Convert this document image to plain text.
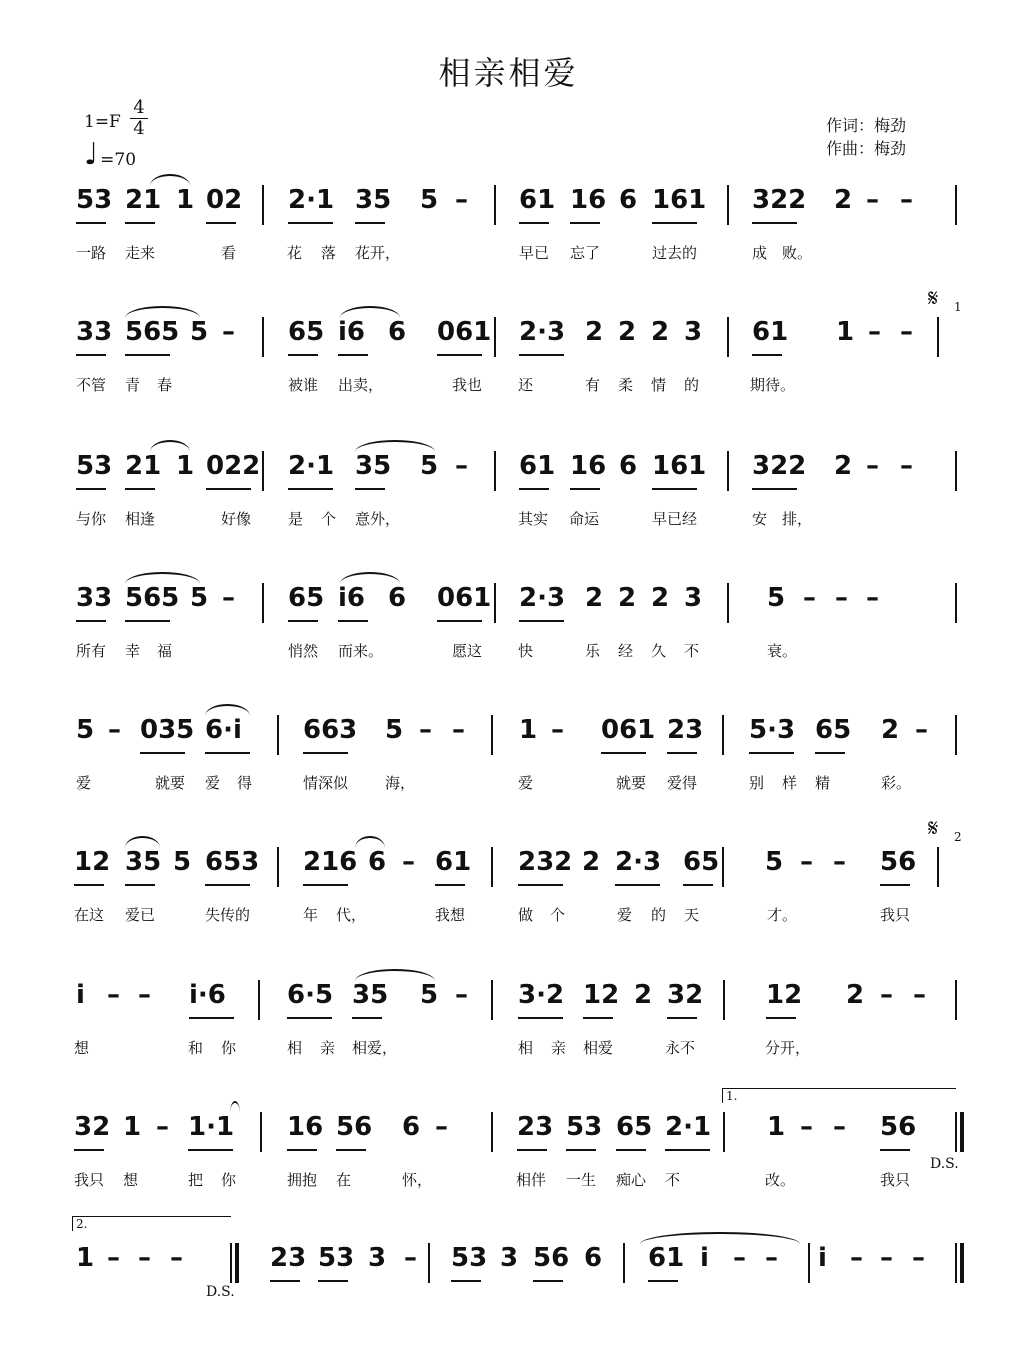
相亲相爱
1=F
4
4
♩ =70
作词：梅劲
作曲：梅劲
53 21 1 02 2·1 35 5 – 61 16 6 161 322 2 – –
一路 走来	看	花 落 花开，	早已 忘了	过去的	成 败。
33 565 5 – 65 i6 6 061 2·3 2 2 2 3 61 1 – –
不管 青 春	被谁 出卖，	我也 还	有 柔 情 的	期待。
53 21 1 022 2·1 35 5 – 61 16 6 161 322 2 – –
与你 相逢	好像 是 个 意外，	其实 命运	早已经	安 排，
33 565 5 – 65 i6 6 061 2·3 2 2 2 3 5 – – –
所有 幸 福	悄然 而来。	愿这 快	乐 经 久 不	衰。
5 – 035 6·i 663 5 – – 1 – 061 23 5·3 65 2 –
爱	就要 爱 得	情深似 海，	爱	就要 爱得	别 样 精	彩。
12 35 5 653 216 6 – 61 232 2 2·3 65 5 – – 56
在这 爱已	失传的	年 代，	我想	做 个	爱 的 天	才。	我只
i – – i·6 6·5 35 5 – 3·2 12 2 32 12 2 – –
想	和 你	相 亲 相爱，	相 亲 相爱	永不	分开，
32 1 – 1·1 16 56 6 –	23 53 65 2·1 1 – – 56
我只 想	把 你	拥抱 在	怀，	相伴 一生 痴心 不	改。	我只
1 – – –	23 53 3 – 53 3 56 6 61 i – – i – – –
𝄋 1
𝄋 2
D.S.
D.S.
1.
2.
